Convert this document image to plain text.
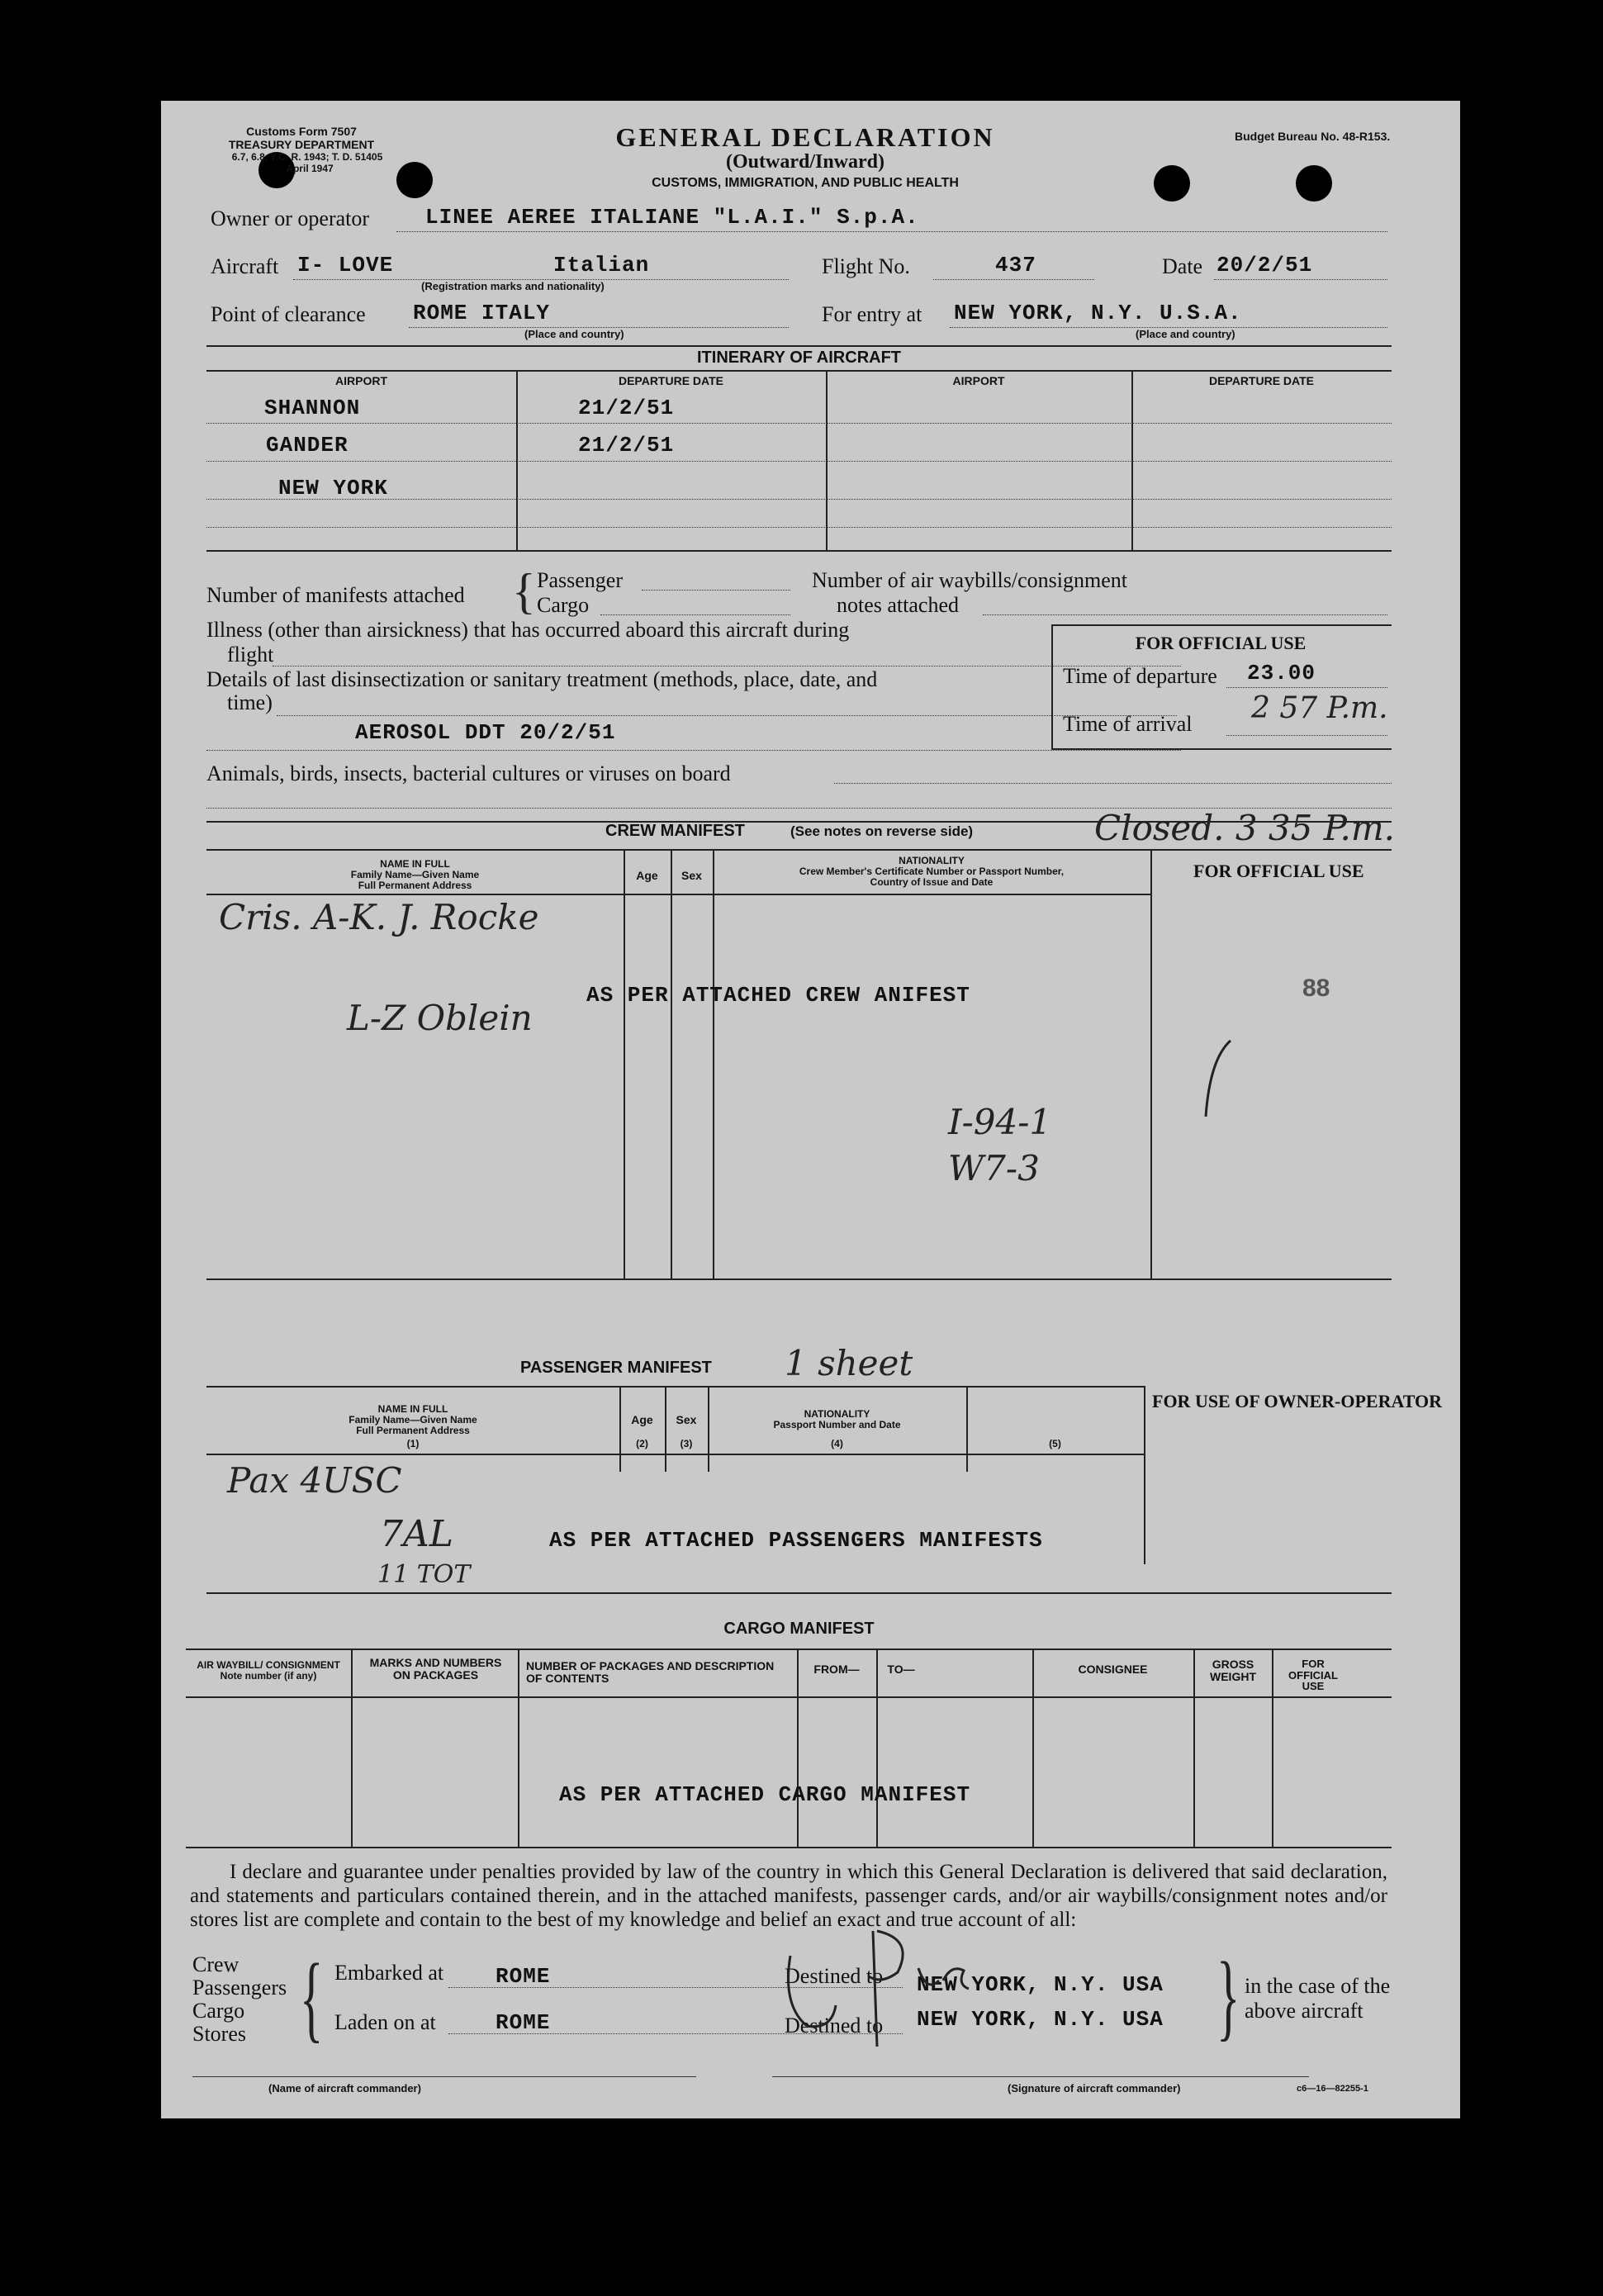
Customs Form 7507
TREASURY DEPARTMENT
6.7, 6.8, Y.C. R. 1943; T. D. 51405
April 1947
GENERAL DECLARATION
(Outward/Inward)
CUSTOMS, IMMIGRATION, AND PUBLIC HEALTH
Budget Bureau No. 48-R153.
Owner or operator	LINEE AEREE ITALIANE "L.A.I." S.p.A.
Aircraft I- LOVE	Italian
(Registration marks and nationality)
Flight No.	437	Date 20/2/51
Point of clearance ROME ITALY
(Place and country)
For entry at NEW YORK, N.Y. U.S.A.
(Place and country)
ITINERARY OF AIRCRAFT
AIRPORT	DEPARTURE DATE	AIRPORT	DEPARTURE DATE
SHANNON	21/2/51
GANDER	21/2/51
NEW YORK
Number of manifests attached { Passenger
Cargo
Number of air waybills/consignment
notes attached
Illness (other than airsickness) that has occurred aboard this aircraft during
flight
Details of last disinsectization or sanitary treatment (methods, place, date, and
time)
AEROSOL DDT 20/2/51
FOR OFFICIAL USE
Time of departure 23.00
Time of arrival 2 57 P.m.
Animals, birds, insects, bacterial cultures or viruses on board
CREW MANIFEST	(See notes on reverse side)	Closed. 3 35 P.m.
NAME IN FULL
Family Name—Given Name
Full Permanent Address
Age	Sex
NATIONALITY
Crew Member's Certificate Number or Passport Number,
Country of Issue and Date
FOR OFFICIAL USE
Cris. A-K. J. Rocke
AS PER ATTACHED CREW ANIFEST	88
L-Z Oblein
I-94-1
W7-3
PASSENGER MANIFEST 1 sheet
FOR USE OF OWNER-OPERATOR
NAME IN FULL
Family Name—Given Name
Full Permanent Address
(1)
Age
(2)
Sex
(3)
NATIONALITY
Passport Number and Date
(4)	(5)
Pax 4USC
7AL
11 TOT
AS PER ATTACHED PASSENGERS MANIFESTS
CARGO MANIFEST
AIR WAYBILL/ CONSIGNMENT Note number (if any)
MARKS AND NUMBERS ON PACKAGES
NUMBER OF PACKAGES AND DESCRIPTION OF CONTENTS
FROM—	TO—	CONSIGNEE	GROSS WEIGHT
FOR OFFICIAL USE
AS PER ATTACHED CARGO MANIFEST
I declare and guarantee under penalties provided by law of the country in which this General Declaration is delivered that said declaration, and statements and particulars contained therein, and in the attached manifests, passenger cards, and/or air waybills/consignment notes and/or stores list are complete and contain to the best of my knowledge and belief an exact and true account of all:
Crew
Passengers
Cargo
Stores { Embarked at ROME
Laden on at	ROME
Destined to NEW YORK, N.Y. USA
Destined to NEW YORK, N.Y. USA } in the case of the
above aircraft
(Name of aircraft commander)	(Signature of aircraft commander)	c6—16—82255-1
